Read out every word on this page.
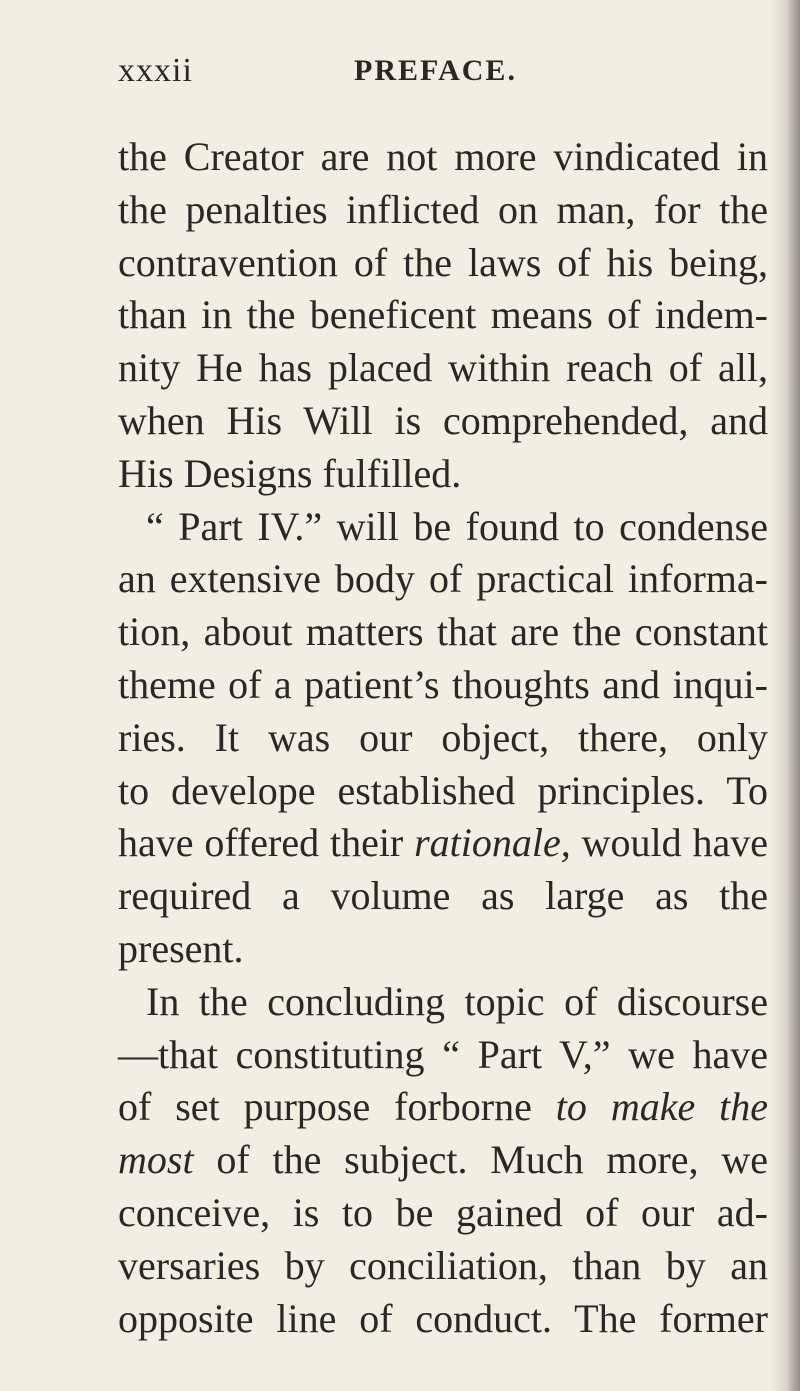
xxxii	PREFACE.
the Creator are not more vindicated in
the penalties inflicted on man, for the
contravention of the laws of his being,
than in the beneficent means of indem-
nity He has placed within reach of all,
when His Will is comprehended, and
His Designs fulfilled.
“ Part IV.” will be found to condense
an extensive body of practical informa-
tion, about matters that are the constant
theme of a patient’s thoughts and inqui-
ries. It was our object, there, only
to develope established principles. To
have offered their rationale, would have
required a volume as large as the
present.
In the concluding topic of discourse
—that constituting “ Part V,” we have
of set purpose forborne to make the
most of the subject. Much more, we
conceive, is to be gained of our ad-
versaries by conciliation, than by an
opposite line of conduct. The former
